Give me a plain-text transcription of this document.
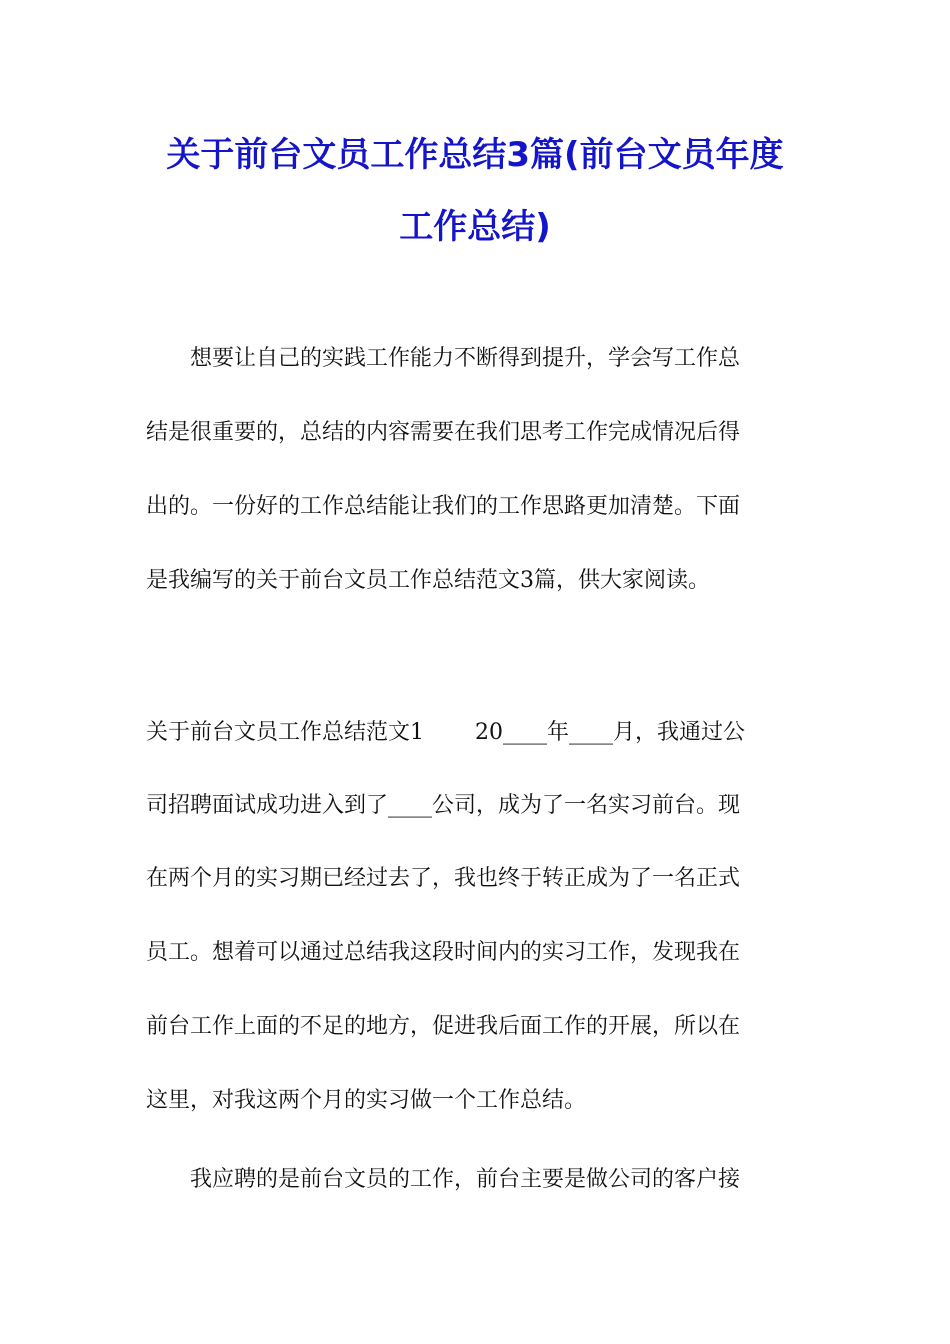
关于前台文员工作总结3篇(前台文员年度
工作总结)
　　想要让自己的实践工作能力不断得到提升，学会写工作总
结是很重要的，总结的内容需要在我们思考工作完成情况后得
出的。一份好的工作总结能让我们的工作思路更加清楚。下面
是我编写的关于前台文员工作总结范文3篇，供大家阅读。
关于前台文员工作总结范文1　　 20____年____月，我通过公
司招聘面试成功进入到了____公司，成为了一名实习前台。现
在两个月的实习期已经过去了，我也终于转正成为了一名正式
员工。想着可以通过总结我这段时间内的实习工作，发现我在
前台工作上面的不足的地方，促进我后面工作的开展，所以在
这里，对我这两个月的实习做一个工作总结。
　　我应聘的是前台文员的工作，前台主要是做公司的客户接
